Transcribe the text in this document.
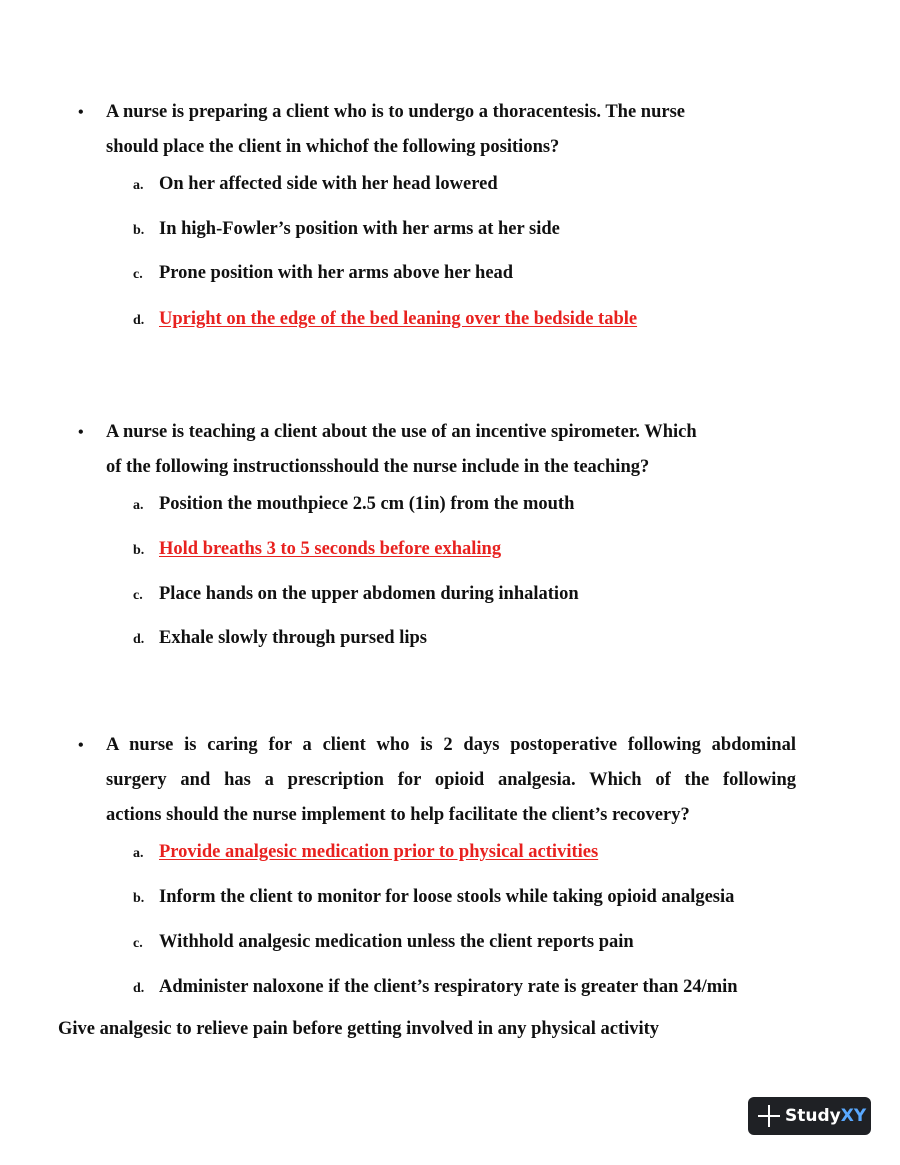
• A nurse is preparing a client who is to undergo a thoracentesis. The nurse
should place the client in whichof the following positions?
a. On her affected side with her head lowered
b. In high-Fowler’s position with her arms at her side
c. Prone position with her arms above her head
d. Upright on the edge of the bed leaning over the bedside table
• A nurse is teaching a client about the use of an incentive spirometer. Which
of the following instructionsshould the nurse include in the teaching?
a. Position the mouthpiece 2.5 cm (1in) from the mouth
b. Hold breaths 3 to 5 seconds before exhaling
c. Place hands on the upper abdomen during inhalation
d. Exhale slowly through pursed lips
• A nurse is caring for a client who is 2 days postoperative following abdominal
surgery and has a prescription for opioid analgesia. Which of the following
actions should the nurse implement to help facilitate the client’s recovery?
a. Provide analgesic medication prior to physical activities
b. Inform the client to monitor for loose stools while taking opioid analgesia
c. Withhold analgesic medication unless the client reports pain
d. Administer naloxone if the client’s respiratory rate is greater than 24/min
Give analgesic to relieve pain before getting involved in any physical activity
StudyXY
